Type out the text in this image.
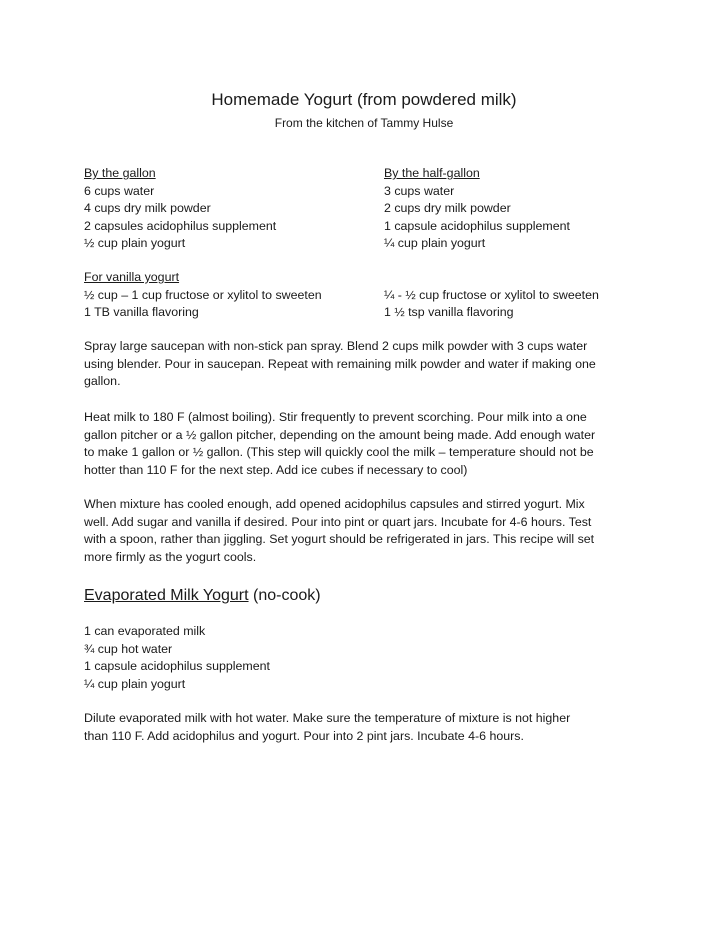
Homemade Yogurt (from powdered milk)
From the kitchen of Tammy Hulse
By the gallon
6 cups water
4 cups dry milk powder
2 capsules acidophilus supplement
½ cup plain yogurt
By the half-gallon
3 cups water
2 cups dry milk powder
1 capsule acidophilus supplement
¼ cup plain yogurt
For vanilla yogurt
½ cup – 1 cup fructose or xylitol to sweeten
1 TB vanilla flavoring
¼ - ½ cup fructose or xylitol to sweeten
1 ½ tsp vanilla flavoring
Spray large saucepan with non-stick pan spray. Blend 2 cups milk powder with 3 cups water
using blender. Pour in saucepan. Repeat with remaining milk powder and water if making one
gallon.
Heat milk to 180 F (almost boiling). Stir frequently to prevent scorching. Pour milk into a one
gallon pitcher or a ½ gallon pitcher, depending on the amount being made. Add enough water
to make 1 gallon or ½ gallon. (This step will quickly cool the milk – temperature should not be
hotter than 110 F for the next step. Add ice cubes if necessary to cool)
When mixture has cooled enough, add opened acidophilus capsules and stirred yogurt. Mix
well. Add sugar and vanilla if desired. Pour into pint or quart jars. Incubate for 4-6 hours. Test
with a spoon, rather than jiggling. Set yogurt should be refrigerated in jars. This recipe will set
more firmly as the yogurt cools.
Evaporated Milk Yogurt (no-cook)
1 can evaporated milk
¾ cup hot water
1 capsule acidophilus supplement
¼ cup plain yogurt
Dilute evaporated milk with hot water. Make sure the temperature of mixture is not higher
than 110 F. Add acidophilus and yogurt. Pour into 2 pint jars. Incubate 4-6 hours.
